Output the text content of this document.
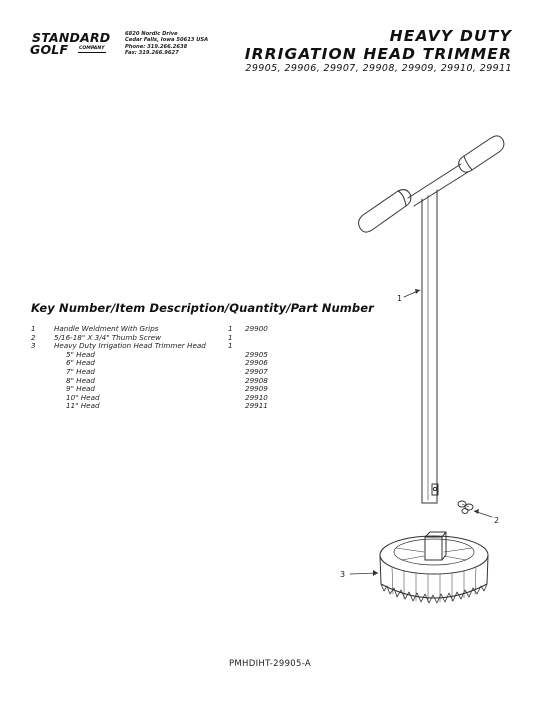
STANDARD
GOLF COMPANY
6820 Nordic Drive
Cedar Falls, Iowa 50613 USA
Phone: 319.266.2638
Fax: 319.266.9627
HEAVY DUTY
IRRIGATION HEAD TRIMMER
29905, 29906, 29907, 29908, 29909, 29910, 29911
1
2
3
Key Number/Item Description/Quantity/Part Number
1	Handle Weldment With Grips	1 29900
2	5/16-18" X 3/4" Thumb Screw	1
3	Heavy Duty Irrigation Head Trimmer Head	1
5" Head	29905
6" Head	29906
7" Head	29907
8" Head	29908
9" Head	29909
10" Head	29910
11" Head	29911
PMHDIHT-29905-A
